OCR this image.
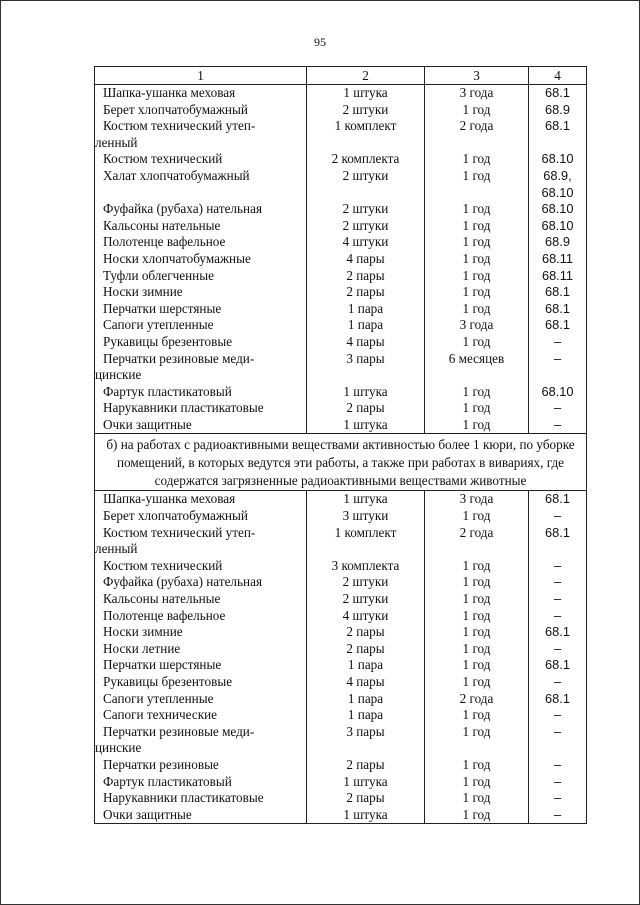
95
1	2	3	4

Шапка-ушанка меховая	1 штука	3 года	68.1

Берет хлопчатобумажный	2 штуки	1 год	68.9

Костюм технический утеп-
ленный	1 комплект	2 года	68.1

Костюм технический	2 комплекта	1 год	68.10

Халат хлопчатобумажный	2 штуки	1 год	68.9, 68.10

Фуфайка (рубаха) нательная	2 штуки	1 год	68.10

Кальсоны нательные	2 штуки	1 год	68.10

Полотенце вафельное	4 штуки	1 год	68.9

Носки хлопчатобумажные	4 пары	1 год	68.11

Туфли облегченные	2 пары	1 год	68.11

Носки зимние	2 пары	1 год	68.1

Перчатки шерстяные	1 пара	1 год	68.1

Сапоги утепленные	1 пара	3 года	68.1

Рукавицы брезентовые	4 пары	1 год	–

Перчатки резиновые меди-
цинские	3 пары	6 месяцев	–

Фартук пластикатовый	1 штука	1 год	68.10

Нарукавники пластикатовые	2 пары	1 год	–

Очки защитные	1 штука	1 год	–
б) на работах с радиоактивными веществами активностью более 1 кюри, по уборке помещений, в которых ведутся эти работы, а также при работах в вивариях, где содержатся загрязненные радиоактивными веществами животные			

Шапка-ушанка меховая	1 штука	3 года	68.1

Берет хлопчатобумажный	3 штуки	1 год	–

Костюм технический утеп-
ленный	1 комплект	2 года	68.1

Костюм технический	3 комплекта	1 год	–

Фуфайка (рубаха) нательная	2 штуки	1 год	–

Кальсоны нательные	2 штуки	1 год	–

Полотенце вафельное	4 штуки	1 год	–

Носки зимние	2 пары	1 год	68.1

Носки летние	2 пары	1 год	–

Перчатки шерстяные	1 пара	1 год	68.1

Рукавицы брезентовые	4 пары	1 год	–

Сапоги утепленные	1 пара	2 года	68.1

Сапоги технические	1 пара	1 год	–

Перчатки резиновые меди-
цинские	3 пары	1 год	–

Перчатки резиновые	2 пары	1 год	–

Фартук пластикатовый	1 штука	1 год	–

Нарукавники пластикатовые	2 пары	1 год	–

Очки защитные	1 штука	1 год	–
